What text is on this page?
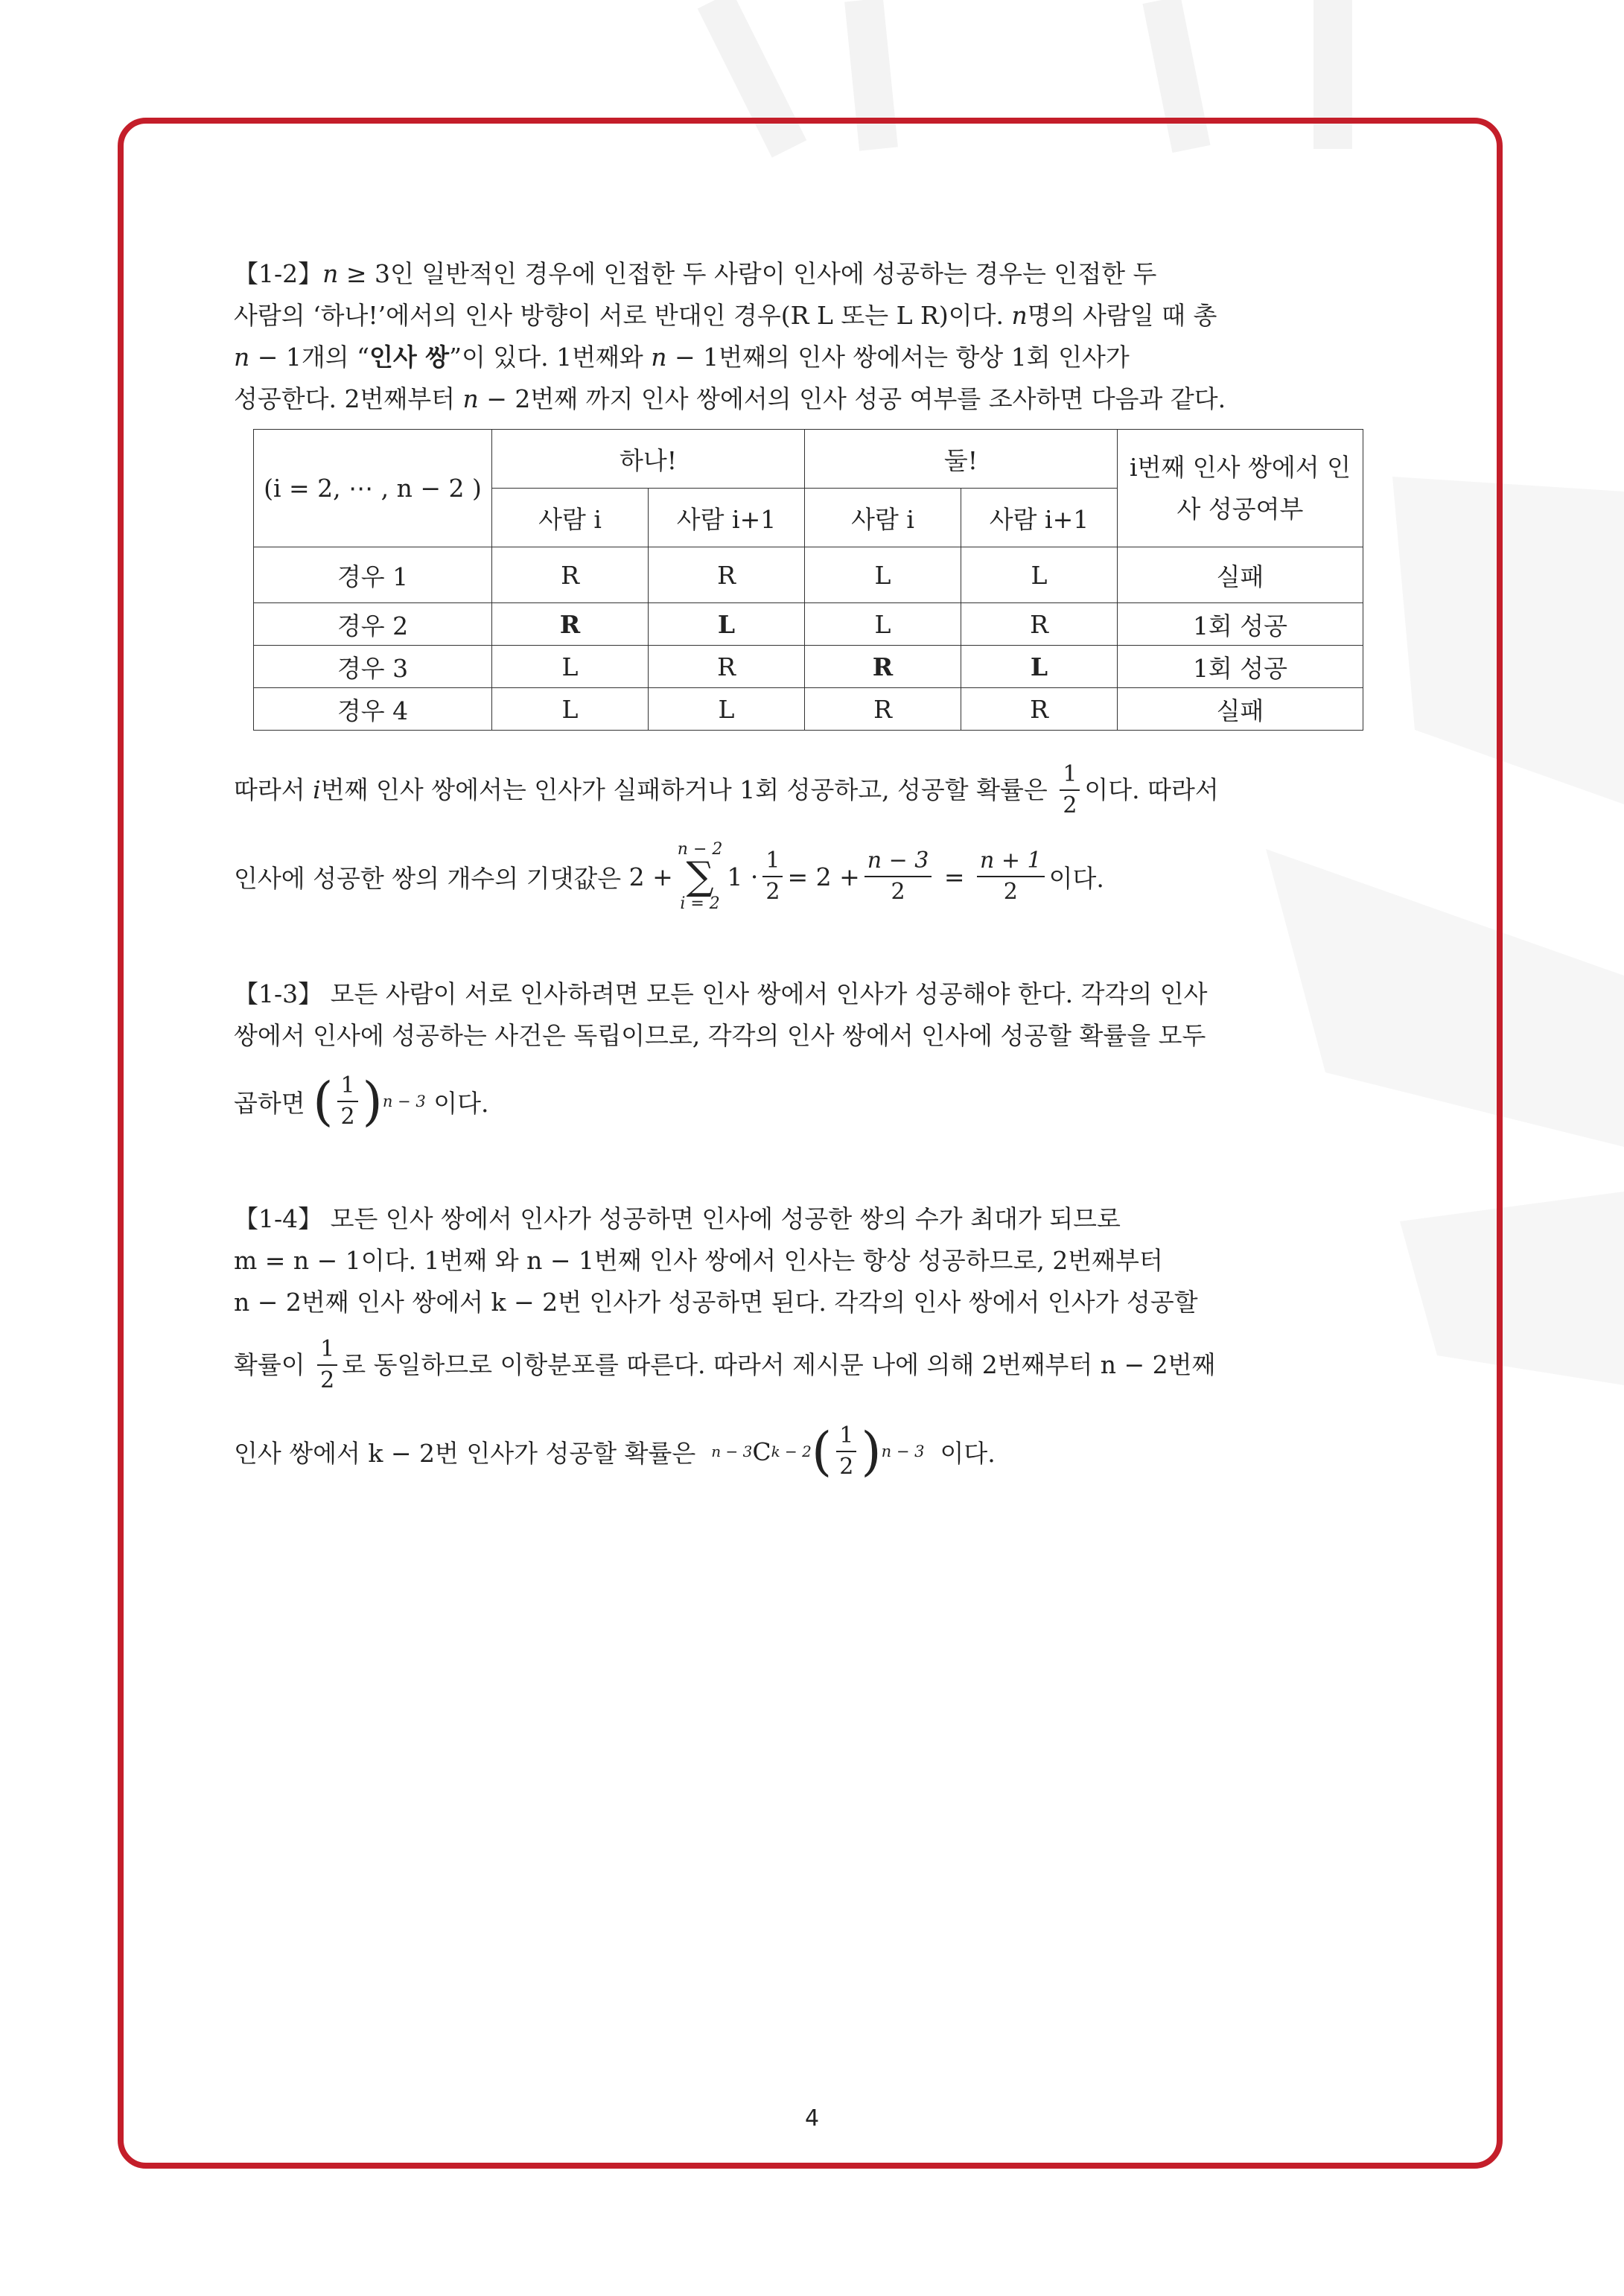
【1-2】n ≥ 3인 일반적인 경우에 인접한 두 사람이 인사에 성공하는 경우는 인접한 두
사람의 ‘하나!’에서의 인사 방향이 서로 반대인 경우(R L 또는 L R)이다. n명의 사람일 때 총
n − 1개의 “인사 쌍”이 있다. 1번째와 n − 1번째의 인사 쌍에서는 항상 1회 인사가
성공한다. 2번째부터 n − 2번째 까지 인사 쌍에서의 인사 성공 여부를 조사하면 다음과 같다.
(i = 2, ⋯ , n − 2 )	하나!		둘!		i번째 인사 쌍에서 인사 성공여부
	사람 i	사람 i+1	사람 i	사람 i+1	
경우 1	R	R	L	L	실패
경우 2	R	L	L	R	1회 성공
경우 3	L	R	R	L	1회 성공
경우 4	L	L	R	R	실패
따라서
i 번째 인사 쌍에서는 인사가 실패하거나 1회 성공하고, 성공할 확률은
$\frac{1}{2}$ 이다. 따라서
인사에 성공한 쌍의 개수의 기댓값은
2 +
n − 2
∑
i = 2
$1 \cdot \frac{1}{2} = 2 + \frac{n - 3}{2}$
=
$\frac{n + 1}{2}$ 이다.
【1-3】 모든 사람이 서로 인사하려면 모든 인사 쌍에서 인사가 성공해야 한다. 각각의 인사
쌍에서 인사에 성공하는 사건은 독립이므로, 각각의 인사 쌍에서 인사에 성공할 확률을 모두
곱하면
( $\frac{1}{2}$ ) n − 3
이다.
【1-4】 모든 인사 쌍에서 인사가 성공하면 인사에 성공한 쌍의 수가 최대가 되므로
m = n − 1이다. 1번째 와 n − 1번째 인사 쌍에서 인사는 항상 성공하므로, 2번째부터
n − 2번째 인사 쌍에서 k − 2번 인사가 성공하면 된다. 각각의 인사 쌍에서 인사가 성공할
확률이
$\frac{1}{2}$ 로 동일하므로 이항분포를 따른다. 따라서 제시문 나에 의해 2번째부터
n − 2번째
인사 쌍에서
k − 2번 인사가 성공할 확률은
n − 3 C k − 2 ( $\frac{1}{2}$ ) n − 3
이다.
4
